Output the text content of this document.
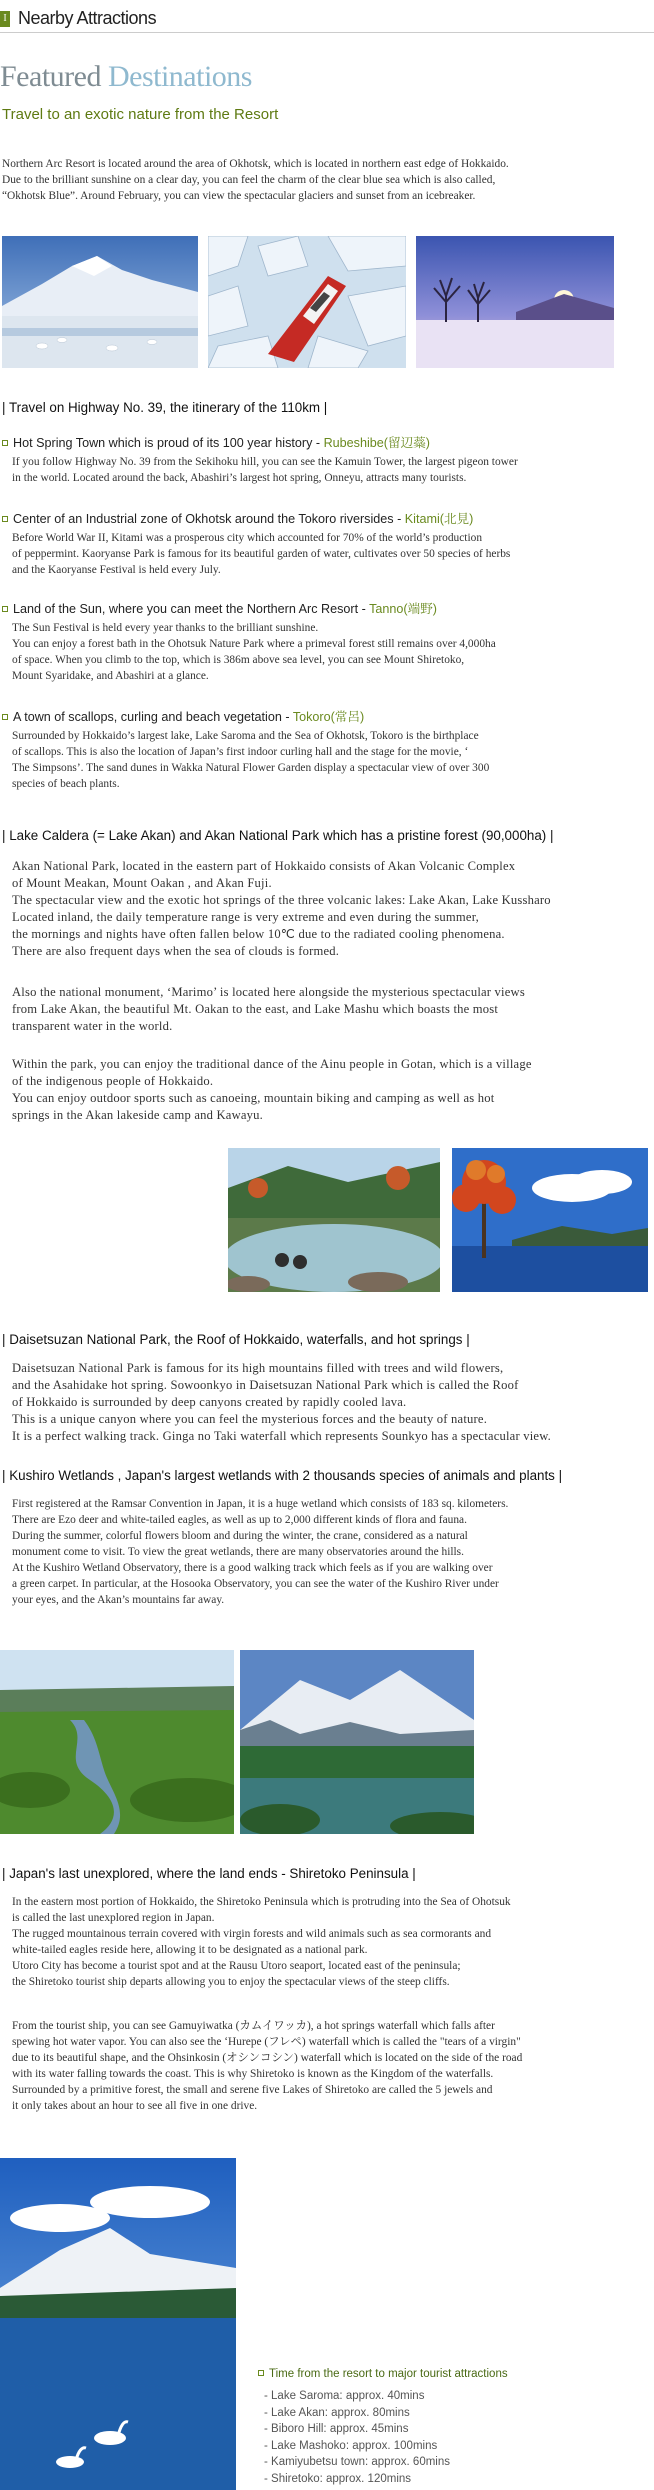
I Nearby Attractions
Featured Destinations
Travel to an exotic nature from the Resort
Northern Arc Resort is located around the area of Okhotsk, which is located in northern east edge of Hokkaido.
Due to the brilliant sunshine on a clear day, you can feel the charm of the clear blue sea which is also called,
“Okhotsk Blue”. Around February, you can view the spectacular glaciers and sunset from an icebreaker.
| Travel on Highway No. 39, the itinerary of the 110km |
Hot Spring Town which is proud of its 100 year history - Rubeshibe(留辺蘂)
If you follow Highway No. 39 from the Sekihoku hill, you can see the Kamuin Tower, the largest pigeon tower
in the world. Located around the back, Abashiri’s largest hot spring, Onneyu, attracts many tourists.
Center of an Industrial zone of Okhotsk around the Tokoro riversides - Kitami(北見)
Before World War II, Kitami was a prosperous city which accounted for 70% of the world’s production
of peppermint. Kaoryanse Park is famous for its beautiful garden of water, cultivates over 50 species of herbs
and the Kaoryanse Festival is held every July.
Land of the Sun, where you can meet the Northern Arc Resort - Tanno(端野)
The Sun Festival is held every year thanks to the brilliant sunshine.
You can enjoy a forest bath in the Ohotsuk Nature Park where a primeval forest still remains over 4,000ha
of space. When you climb to the top, which is 386m above sea level, you can see Mount Shiretoko,
Mount Syaridake, and Abashiri at a glance.
A town of scallops, curling and beach vegetation - Tokoro(常呂)
Surrounded by Hokkaido’s largest lake, Lake Saroma and the Sea of Okhotsk, Tokoro is the birthplace
of scallops. This is also the location of Japan’s first indoor curling hall and the stage for the movie, ‘
The Simpsons’. The sand dunes in Wakka Natural Flower Garden display a spectacular view of over 300
species of beach plants.
| Lake Caldera (= Lake Akan) and Akan National Park which has a pristine forest (90,000ha) |
Akan National Park, located in the eastern part of Hokkaido consists of Akan Volcanic Complex
of Mount Meakan, Mount Oakan , and Akan Fuji.
The spectacular view and the exotic hot springs of the three volcanic lakes: Lake Akan, Lake Kussharo
Located inland, the daily temperature range is very extreme and even during the summer,
the mornings and nights have often fallen below 10℃ due to the radiated cooling phenomena.
There are also frequent days when the sea of clouds is formed.
Also the national monument, ‘Marimo’ is located here alongside the mysterious spectacular views
from Lake Akan, the beautiful Mt. Oakan to the east, and Lake Mashu which boasts the most
transparent water in the world.
Within the park, you can enjoy the traditional dance of the Ainu people in Gotan, which is a village
of the indigenous people of Hokkaido.
You can enjoy outdoor sports such as canoeing, mountain biking and camping as well as hot
springs in the Akan lakeside camp and Kawayu.
| Daisetsuzan National Park, the Roof of Hokkaido, waterfalls, and hot springs |
Daisetsuzan National Park is famous for its high mountains filled with trees and wild flowers,
and the Asahidake hot spring. Sowoonkyo in Daisetsuzan National Park which is called the Roof
of Hokkaido is surrounded by deep canyons created by rapidly cooled lava.
This is a unique canyon where you can feel the mysterious forces and the beauty of nature.
It is a perfect walking track. Ginga no Taki waterfall which represents Sounkyo has a spectacular view.
| Kushiro Wetlands , Japan's largest wetlands with 2 thousands species of animals and plants |
First registered at the Ramsar Convention in Japan, it is a huge wetland which consists of 183 sq. kilometers.
There are Ezo deer and white-tailed eagles, as well as up to 2,000 different kinds of flora and fauna.
During the summer, colorful flowers bloom and during the winter, the crane, considered as a natural
monument come to visit. To view the great wetlands, there are many observatories around the hills.
At the Kushiro Wetland Observatory, there is a good walking track which feels as if you are walking over
a green carpet. In particular, at the Hosooka Observatory, you can see the water of the Kushiro River under
your eyes, and the Akan’s mountains far away.
| Japan's last unexplored, where the land ends - Shiretoko Peninsula |
In the eastern most portion of Hokkaido, the Shiretoko Peninsula which is protruding into the Sea of Ohotsuk
is called the last unexplored region in Japan.
The rugged mountainous terrain covered with virgin forests and wild animals such as sea cormorants and
white-tailed eagles reside here, allowing it to be designated as a national park.
Utoro City has become a tourist spot and at the Rausu Utoro seaport, located east of the peninsula;
the Shiretoko tourist ship departs allowing you to enjoy the spectacular views of the steep cliffs.
From the tourist ship, you can see Gamuyiwatka (カムイワッカ), a hot springs waterfall which falls after
spewing hot water vapor. You can also see the ‘Hurepe (フレペ) waterfall which is called the "tears of a virgin"
due to its beautiful shape, and the Ohsinkosin (オシンコシン) waterfall which is located on the side of the road
with its water falling towards the coast. This is why Shiretoko is known as the Kingdom of the waterfalls.
Surrounded by a primitive forest, the small and serene five Lakes of Shiretoko are called the 5 jewels and
it only takes about an hour to see all five in one drive.
Time from the resort to major tourist attractions
- Lake Saroma: approx. 40mins
- Lake Akan: approx. 80mins
- Biboro Hill: approx. 45mins
- Lake Mashoko: approx. 100mins
- Kamiyubetsu town: approx. 60mins
- Shiretoko: approx. 120mins
